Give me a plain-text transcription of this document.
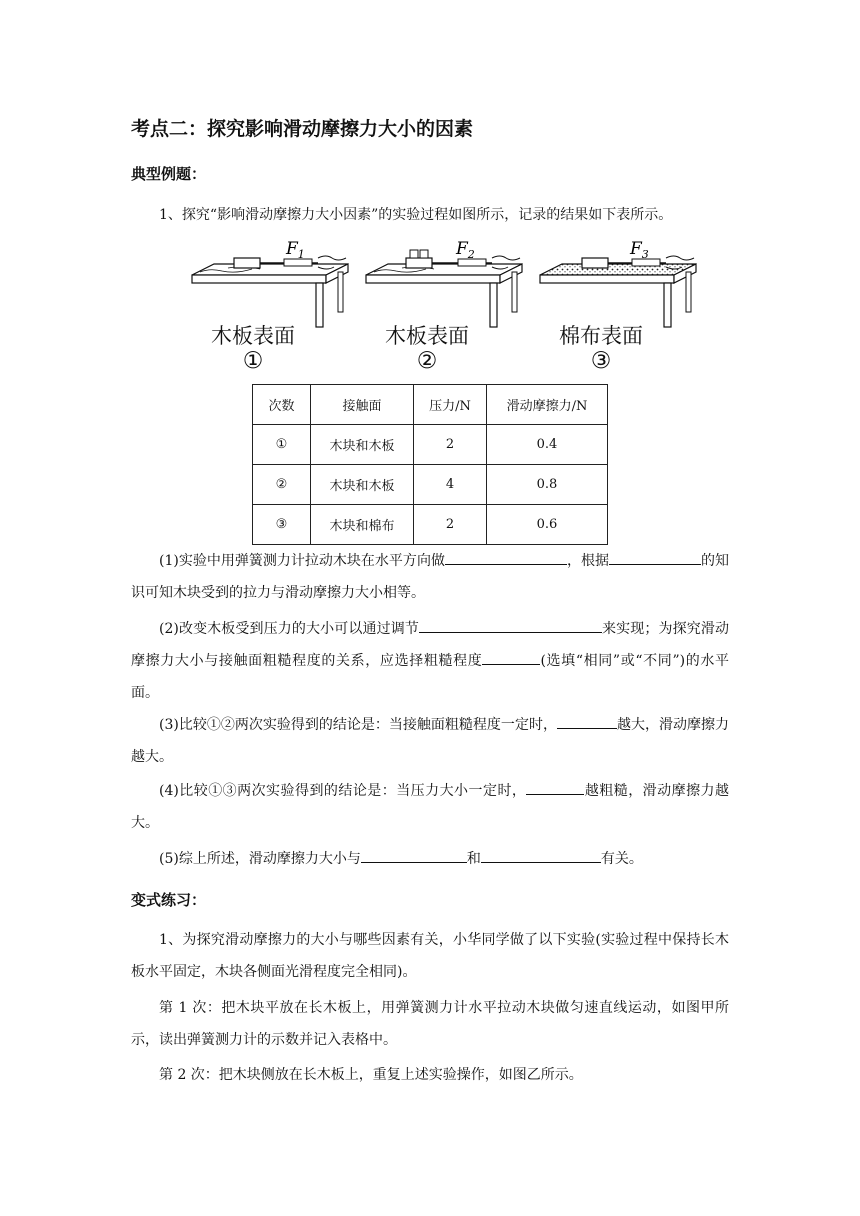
考点二：探究影响滑动摩擦力大小的因素
典型例题：
1、探究“影响滑动摩擦力大小因素”的实验过程如图所示，记录的结果如下表所示。
$F_1$	$F_2$	$F_3$
木板表面	木板表面	棉布表面
①	②	③
次数	接触面	压力/N	滑动摩擦力/N
①	木块和木板	2	0.4
②	木块和木板	4	0.8
③	木块和棉布	2	0.6
(1)实验中用弹簧测力计拉动木块在水平方向做	，根据	的知识可知木块受到的拉力与滑动摩擦力大小相等。
(2)改变木板受到压力的大小可以通过调节	来实现；为探究滑动摩擦力大小与接触面粗糙程度的关系，应选择粗糙程度	(选填“相同”或“不同”)的水平面。
(3)比较①②两次实验得到的结论是：当接触面粗糙程度一定时，	越大，滑动摩擦力越大。
(4)比较①③两次实验得到的结论是：当压力大小一定时，	越粗糙，滑动摩擦力越大。
(5)综上所述，滑动摩擦力大小与	和	有关。
变式练习：
1、为探究滑动摩擦力的大小与哪些因素有关，小华同学做了以下实验(实验过程中保持长木板水平固定，木块各侧面光滑程度完全相同)。
第 1 次：把木块平放在长木板上，用弹簧测力计水平拉动木块做匀速直线运动，如图甲所示，读出弹簧测力计的示数并记入表格中。
第 2 次：把木块侧放在长木板上，重复上述实验操作，如图乙所示。
